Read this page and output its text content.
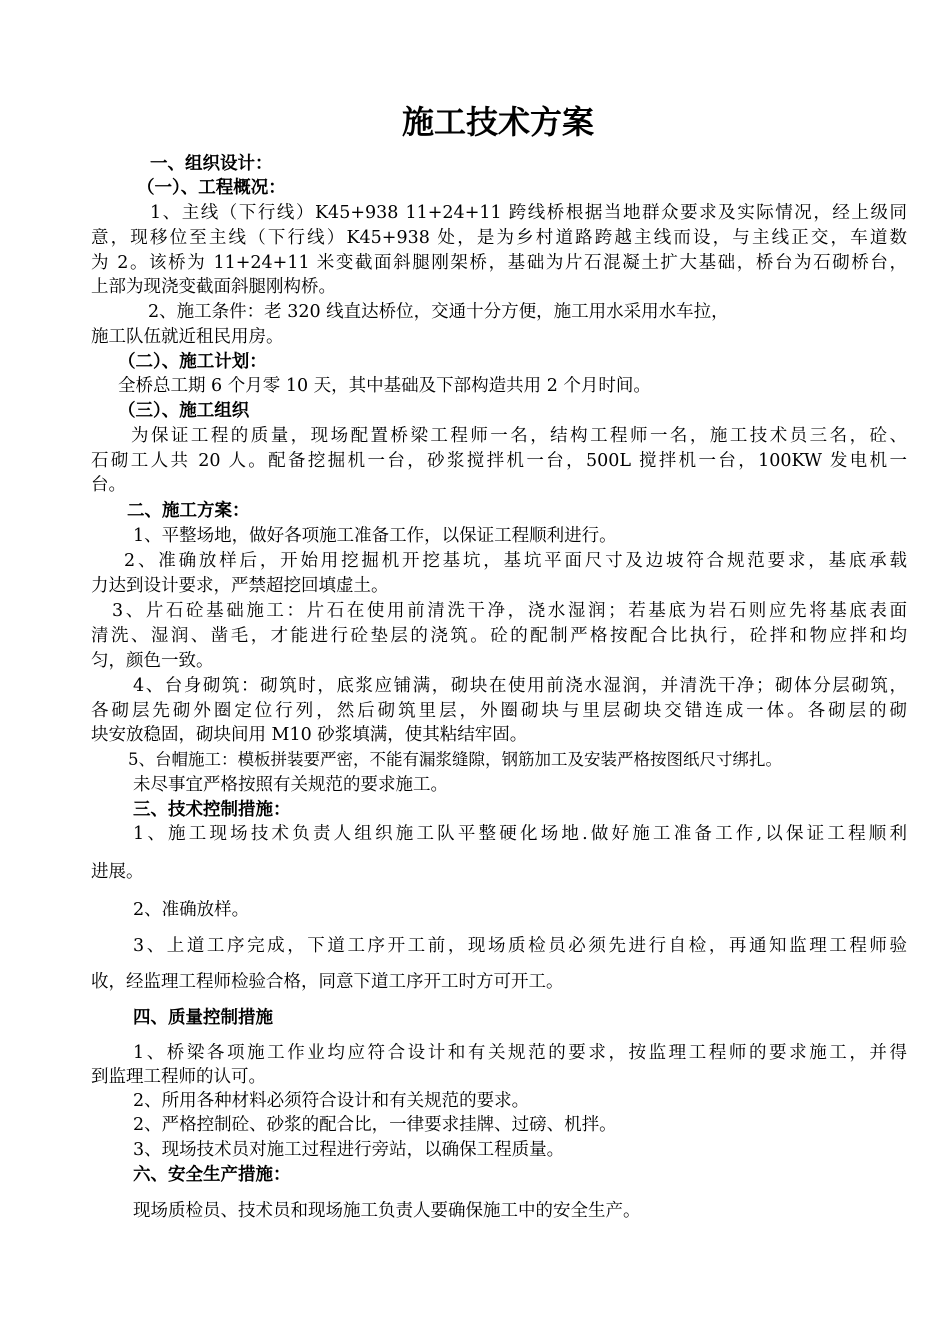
施工技术方案
一、组织设计：
（一）、工程概况：
1、主线（下行线）K45+938 11+24+11 跨线桥根据当地群众要求及实际情况，经上级同
意，现移位至主线（下行线）K45+938 处，是为乡村道路跨越主线而设，与主线正交，车道数
为 2。该桥为 11+24+11 米变截面斜腿刚架桥，基础为片石混凝土扩大基础，桥台为石砌桥台，
上部为现浇变截面斜腿刚构桥。
2、施工条件：老 320 线直达桥位，交通十分方便，施工用水采用水车拉，
施工队伍就近租民用房。
（二）、施工计划：
全桥总工期 6 个月零 10 天，其中基础及下部构造共用 2 个月时间。
（三）、施工组织
为保证工程的质量，现场配置桥梁工程师一名，结构工程师一名，施工技术员三名，砼、
石砌工人共 20 人。配备挖掘机一台，砂浆搅拌机一台，500L 搅拌机一台，100KW 发电机一
台。
二、施工方案：
1、平整场地，做好各项施工准备工作，以保证工程顺利进行。
2、准确放样后，开始用挖掘机开挖基坑，基坑平面尺寸及边坡符合规范要求，基底承载
力达到设计要求，严禁超挖回填虚土。
3、片石砼基础施工：片石在使用前清洗干净，浇水湿润；若基底为岩石则应先将基底表面
清洗、湿润、凿毛，才能进行砼垫层的浇筑。砼的配制严格按配合比执行，砼拌和物应拌和均
匀，颜色一致。
4、台身砌筑：砌筑时，底浆应铺满，砌块在使用前浇水湿润，并清洗干净；砌体分层砌筑，
各砌层先砌外圈定位行列，然后砌筑里层，外圈砌块与里层砌块交错连成一体。各砌层的砌
块安放稳固，砌块间用 M10 砂浆填满，使其粘结牢固。
5、台帽施工：模板拼装要严密，不能有漏浆缝隙，钢筋加工及安装严格按图纸尺寸绑扎。
未尽事宜严格按照有关规范的要求施工。
三、技术控制措施：
1、施工现场技术负责人组织施工队平整硬化场地.做好施工准备工作,以保证工程顺利
进展。
2、准确放样。
3、上道工序完成，下道工序开工前，现场质检员必须先进行自检，再通知监理工程师验
收，经监理工程师检验合格，同意下道工序开工时方可开工。
四、质量控制措施
1、桥梁各项施工作业均应符合设计和有关规范的要求，按监理工程师的要求施工，并得
到监理工程师的认可。
2、所用各种材料必须符合设计和有关规范的要求。
2、严格控制砼、砂浆的配合比，一律要求挂牌、过磅、机拌。
3、现场技术员对施工过程进行旁站，以确保工程质量。
六、安全生产措施：
现场质检员、技术员和现场施工负责人要确保施工中的安全生产。
